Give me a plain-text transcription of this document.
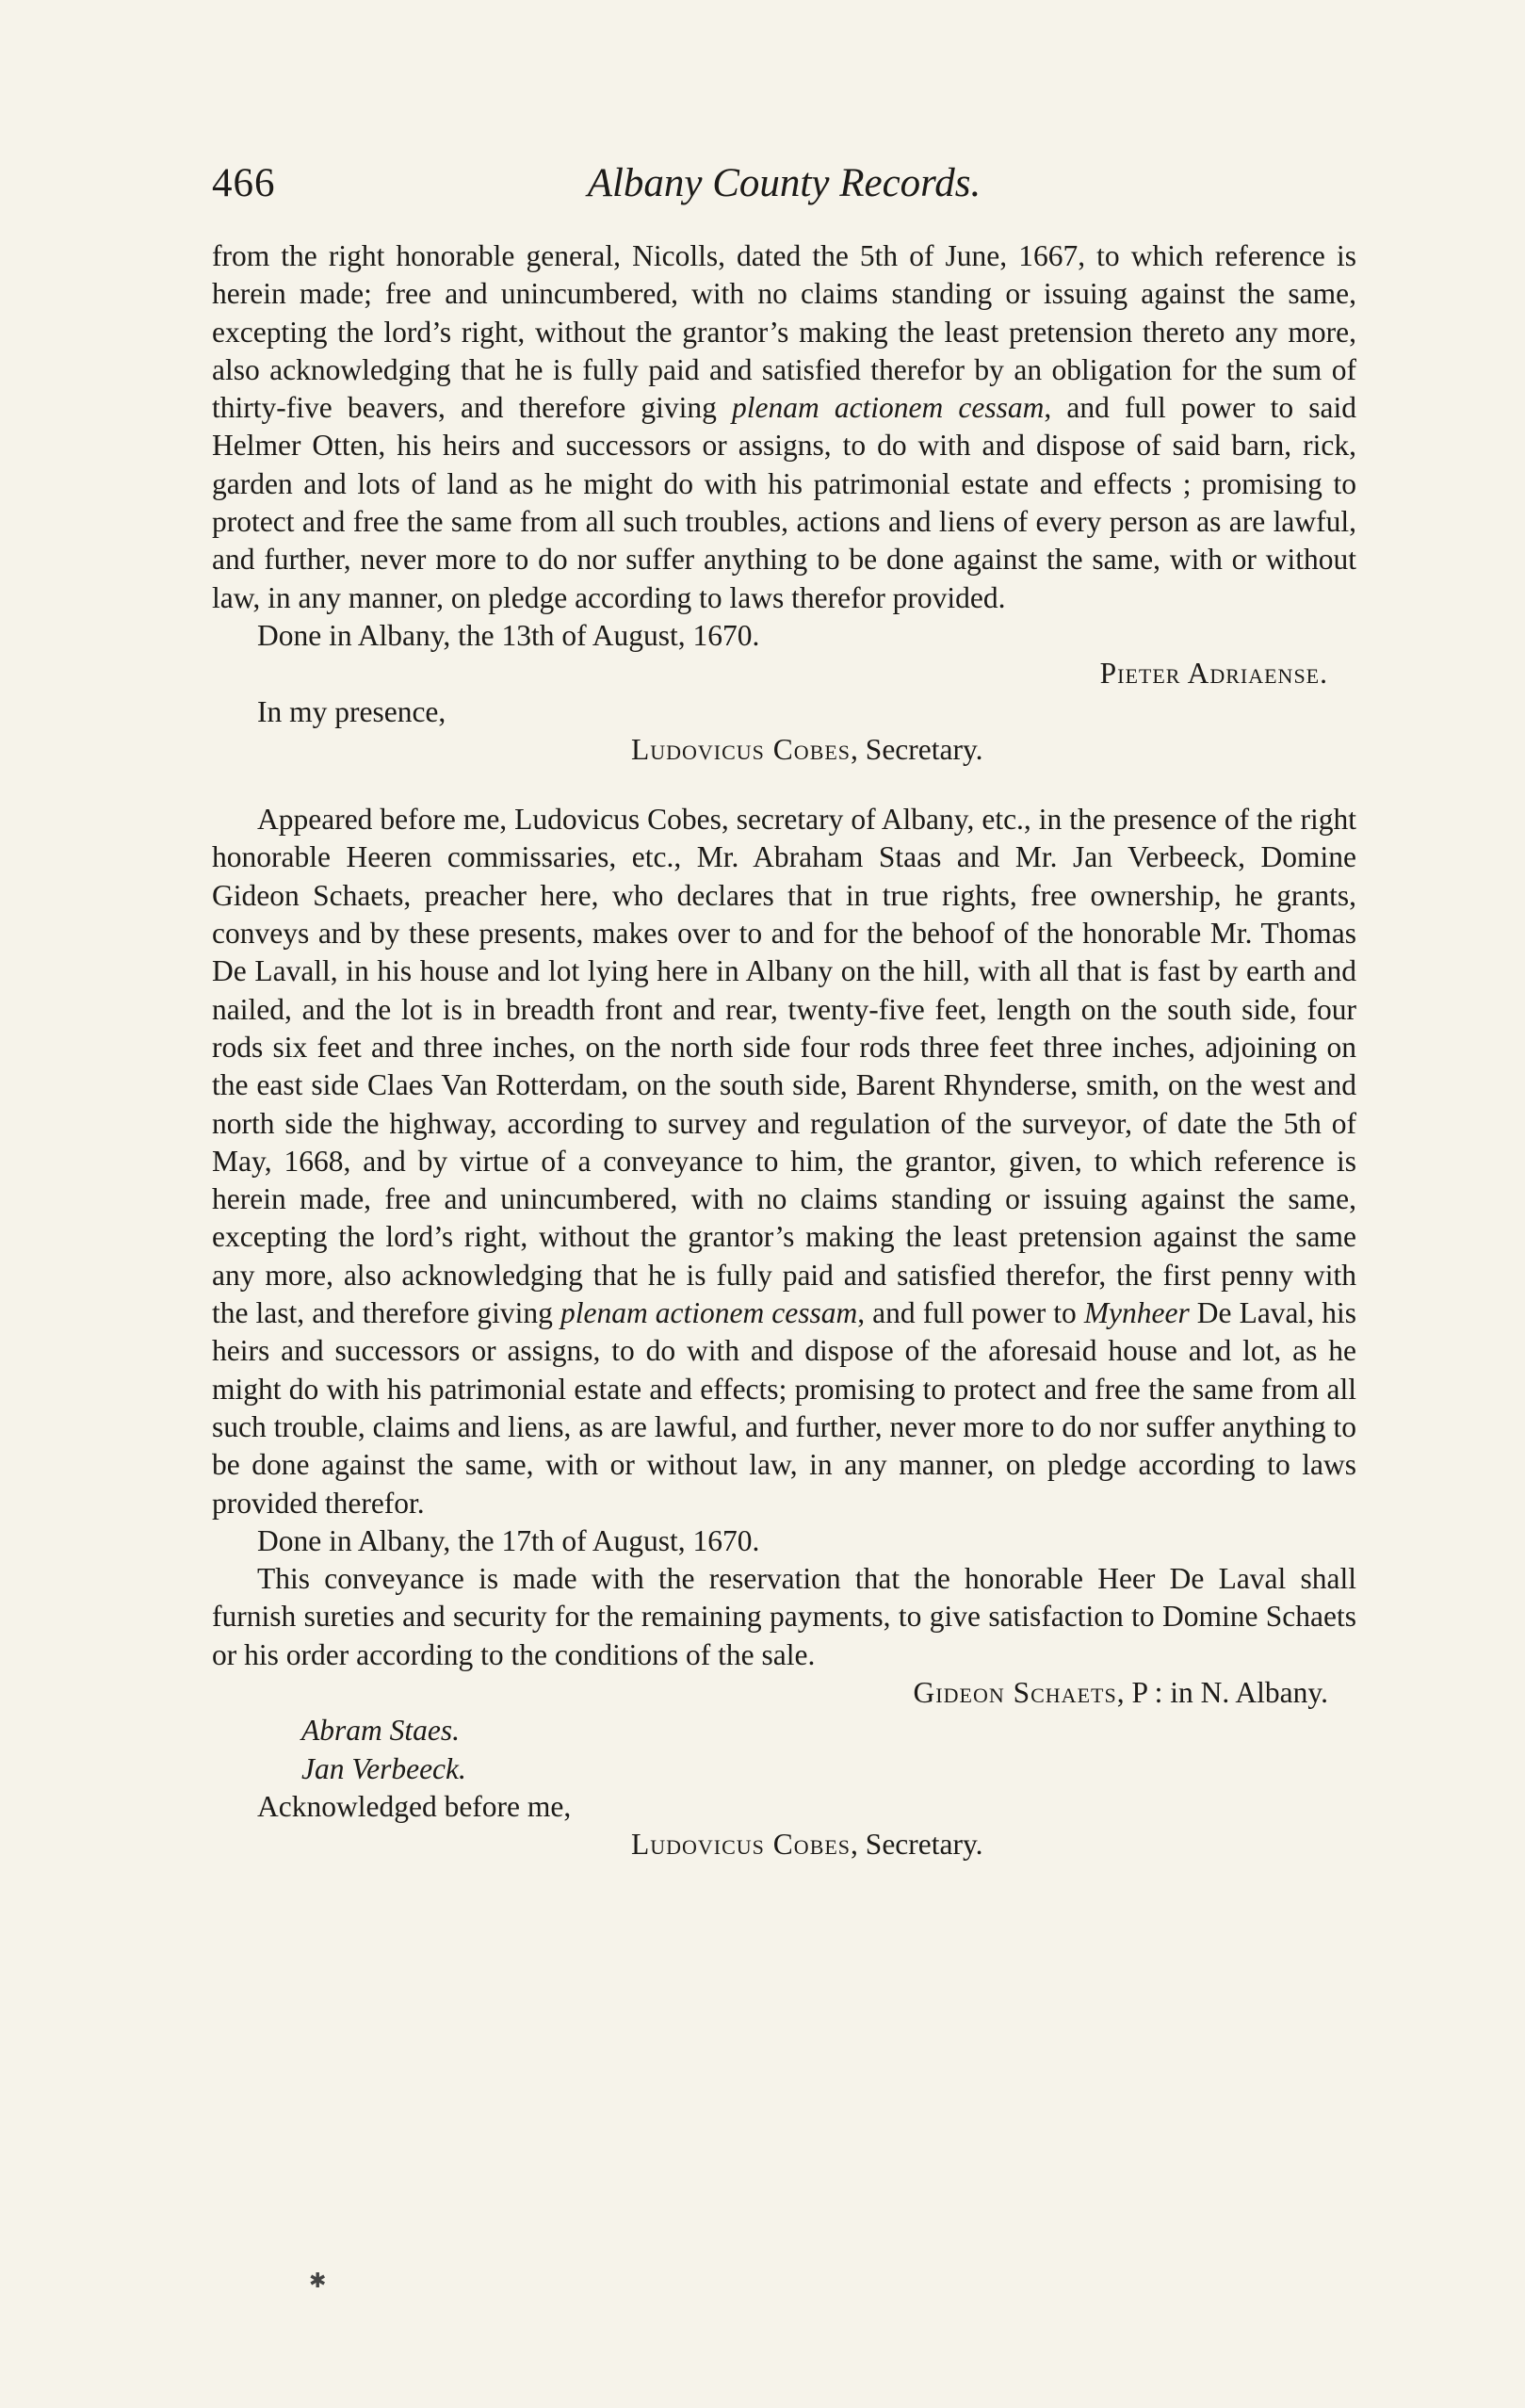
466	Albany County Records.

from the right honorable general, Nicolls, dated the 5th of June, 1667, to which reference is herein made; free and unincumbered, with no claims standing or issuing against the same, excepting the lord’s right, without the grantor’s making the least pretension thereto any more, also acknowledging that he is fully paid and satisfied therefor by an obligation for the sum of thirty-five beavers, and therefore giving plenam actionem cessam, and full power to said Helmer Otten, his heirs and successors or assigns, to do with and dispose of said barn, rick, garden and lots of land as he might do with his patrimonial estate and effects ; promising to protect and free the same from all such troubles, actions and liens of every person as are lawful, and further, never more to do nor suffer anything to be done against the same, with or without law, in any manner, on pledge according to laws therefor provided.

Done in Albany, the 13th of August, 1670.

Pieter Adriaense.

In my presence,

Ludovicus Cobes, Secretary.

Appeared before me, Ludovicus Cobes, secretary of Albany, etc., in the presence of the right honorable Heeren commissaries, etc., Mr. Abraham Staas and Mr. Jan Verbeeck, Domine Gideon Schaets, preacher here, who declares that in true rights, free ownership, he grants, conveys and by these presents, makes over to and for the behoof of the honorable Mr. Thomas De Lavall, in his house and lot lying here in Albany on the hill, with all that is fast by earth and nailed, and the lot is in breadth front and rear, twenty-five feet, length on the south side, four rods six feet and three inches, on the north side four rods three feet three inches, adjoining on the east side Claes Van Rotterdam, on the south side, Barent Rhynderse, smith, on the west and north side the highway, according to survey and regulation of the surveyor, of date the 5th of May, 1668, and by virtue of a conveyance to him, the grantor, given, to which reference is herein made, free and unincumbered, with no claims standing or issuing against the same, excepting the lord’s right, without the grantor’s making the least pretension against the same any more, also acknowledging that he is fully paid and satisfied therefor, the first penny with the last, and therefore giving plenam actionem cessam, and full power to Mynheer De Laval, his heirs and successors or assigns, to do with and dispose of the aforesaid house and lot, as he might do with his patrimonial estate and effects; promising to protect and free the same from all such trouble, claims and liens, as are lawful, and further, never more to do nor suffer anything to be done against the same, with or without law, in any manner, on pledge according to laws provided therefor.

Done in Albany, the 17th of August, 1670.

This conveyance is made with the reservation that the honorable Heer De Laval shall furnish sureties and security for the remaining payments, to give satisfaction to Domine Schaets or his order according to the conditions of the sale.

Gideon Schaets, P : in N. Albany.

Abram Staes.

Jan Verbeeck.

Acknowledged before me,

Ludovicus Cobes, Secretary.

✱
